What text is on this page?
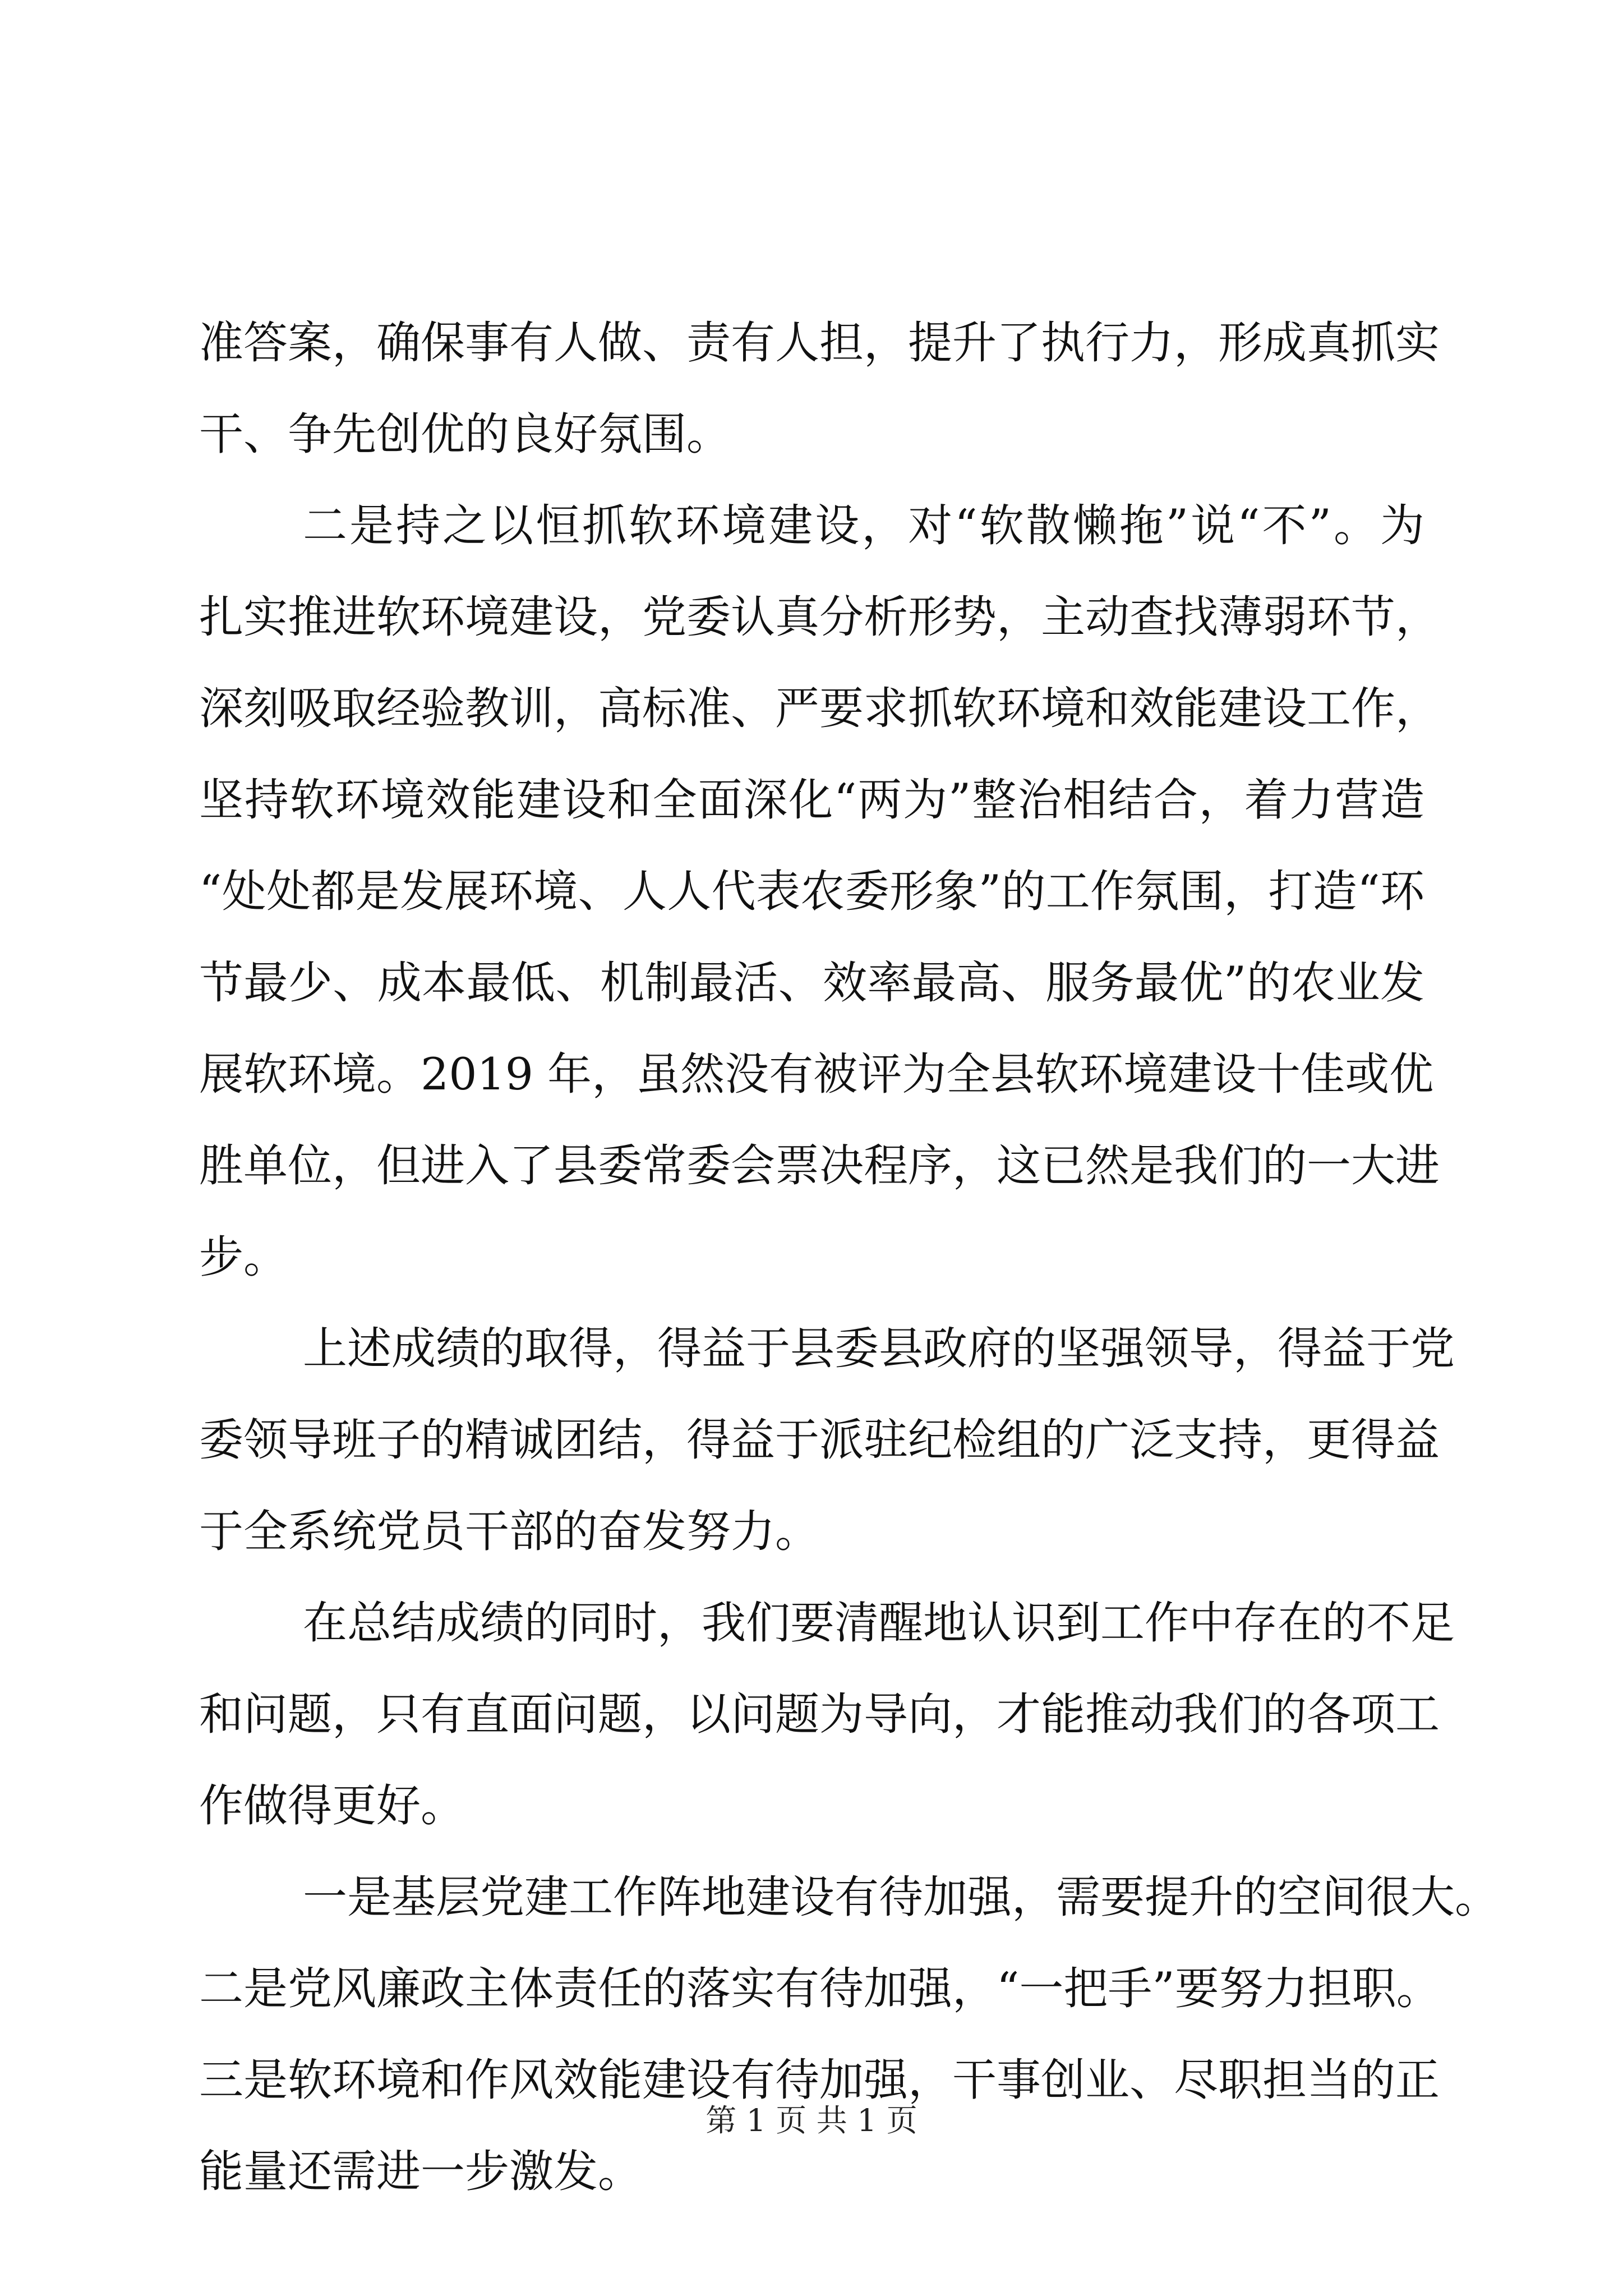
准答案，确保事有人做、责有人担，提升了执行力，形成真抓实
干、争先创优的良好氛围。
二是持之以恒抓软环境建设，对“软散懒拖”说“不”。为
扎实推进软环境建设，党委认真分析形势，主动查找薄弱环节，
深刻吸取经验教训，高标准、严要求抓软环境和效能建设工作，
坚持软环境效能建设和全面深化“两为”整治相结合，着力营造
“处处都是发展环境、人人代表农委形象”的工作氛围，打造“环
节最少、成本最低、机制最活、效率最高、服务最优”的农业发
展软环境。2019 年，虽然没有被评为全县软环境建设十佳或优
胜单位，但进入了县委常委会票决程序，这已然是我们的一大进
步。
上述成绩的取得，得益于县委县政府的坚强领导，得益于党
委领导班子的精诚团结，得益于派驻纪检组的广泛支持，更得益
于全系统党员干部的奋发努力。
在总结成绩的同时，我们要清醒地认识到工作中存在的不足
和问题，只有直面问题，以问题为导向，才能推动我们的各项工
作做得更好。
一是基层党建工作阵地建设有待加强，需要提升的空间很大。
二是党风廉政主体责任的落实有待加强，“一把手”要努力担职。
三是软环境和作风效能建设有待加强，干事创业、尽职担当的正
能量还需进一步激发。
第 1 页 共 1 页
